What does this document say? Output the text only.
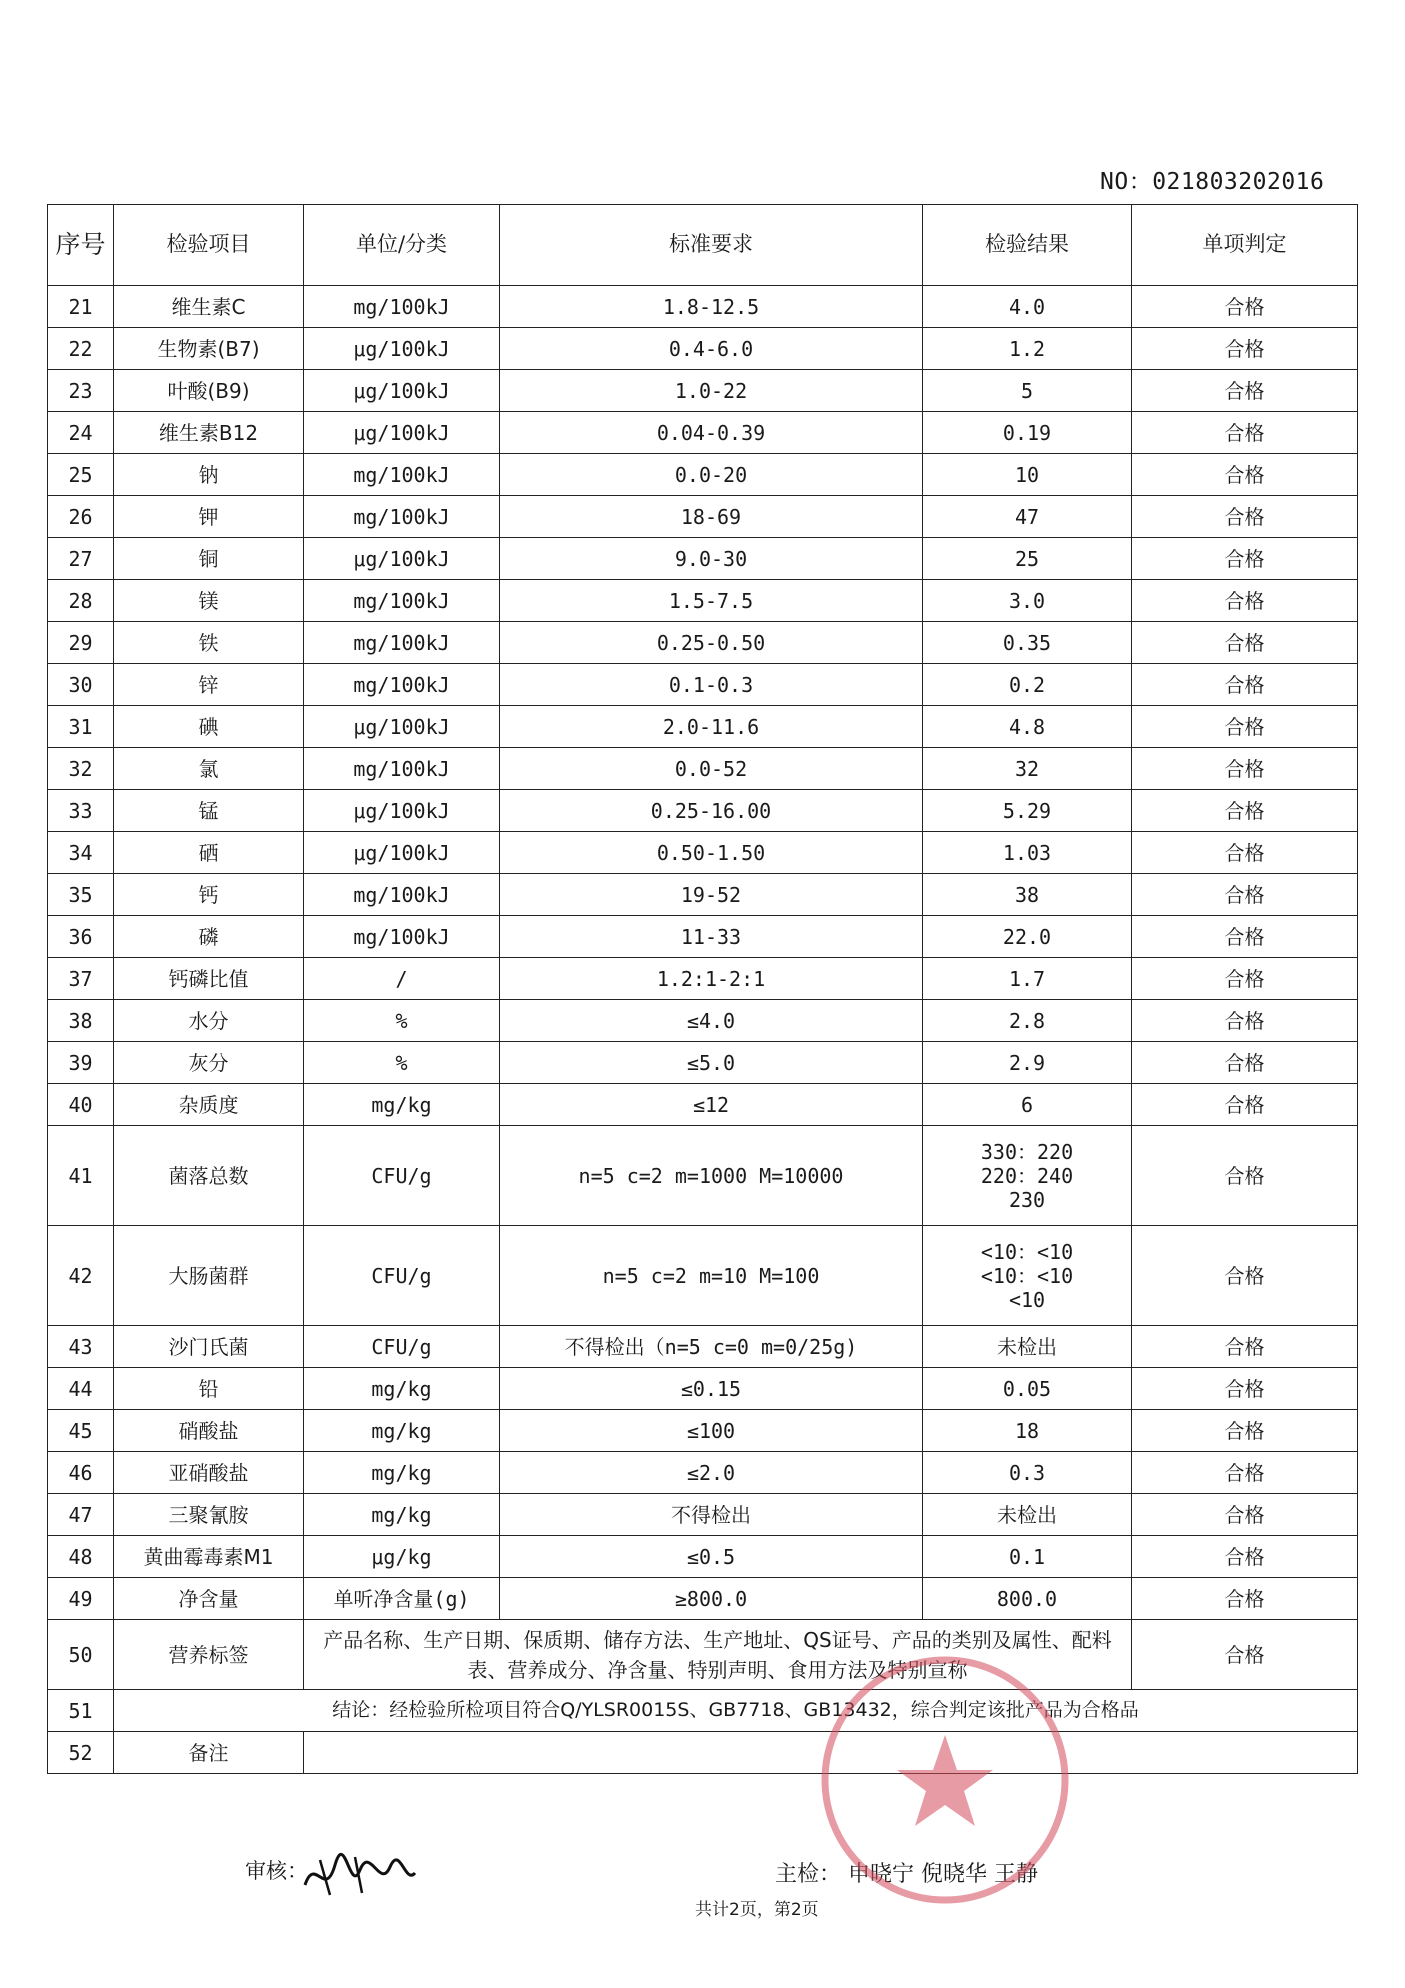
NO：021803202016
序号	检验项目	单位/分类	标准要求	检验结果	单项判定
21	维生素C	mg/100kJ	1.8-12.5	4.0	合格
22	生物素(B7)	μg/100kJ	0.4-6.0	1.2	合格
23	叶酸(B9)	μg/100kJ	1.0-22	5	合格
24	维生素B12	μg/100kJ	0.04-0.39	0.19	合格
25	钠	mg/100kJ	0.0-20	10	合格
26	钾	mg/100kJ	18-69	47	合格
27	铜	μg/100kJ	9.0-30	25	合格
28	镁	mg/100kJ	1.5-7.5	3.0	合格
29	铁	mg/100kJ	0.25-0.50	0.35	合格
30	锌	mg/100kJ	0.1-0.3	0.2	合格
31	碘	μg/100kJ	2.0-11.6	4.8	合格
32	氯	mg/100kJ	0.0-52	32	合格
33	锰	μg/100kJ	0.25-16.00	5.29	合格
34	硒	μg/100kJ	0.50-1.50	1.03	合格
35	钙	mg/100kJ	19-52	38	合格
36	磷	mg/100kJ	11-33	22.0	合格
37	钙磷比值	/	1.2:1-2:1	1.7	合格
38	水分	%	≤4.0	2.8	合格
39	灰分	%	≤5.0	2.9	合格
40	杂质度	mg/kg	≤12	6	合格
41	菌落总数	CFU/g	n=5 c=2 m=1000 M=10000	330：220
220：240
230	合格
42	大肠菌群	CFU/g	n=5 c=2 m=10 M=100	<10：<10
<10：<10
<10	合格
43	沙门氏菌	CFU/g	不得检出（n=5 c=0 m=0/25g)	未检出	合格
44	铅	mg/kg	≤0.15	0.05	合格
45	硝酸盐	mg/kg	≤100	18	合格
46	亚硝酸盐	mg/kg	≤2.0	0.3	合格
47	三聚氰胺	mg/kg	不得检出	未检出	合格
48	黄曲霉毒素M1	μg/kg	≤0.5	0.1	合格
49	净含量	单听净含量(g)	≥800.0	800.0	合格
50	营养标签	产品名称、生产日期、保质期、储存方法、生产地址、QS证号、产品的类别及属性、配料表、营养成分、净含量、特别声明、食用方法及特别宣称			合格
51	结论：经检验所检项目符合Q/YLSR0015S、GB7718、GB13432，综合判定该批产品为合格品				
52	备注				
审核：	主检： 申晓宁 倪晓华 王静
共计2页，第2页
